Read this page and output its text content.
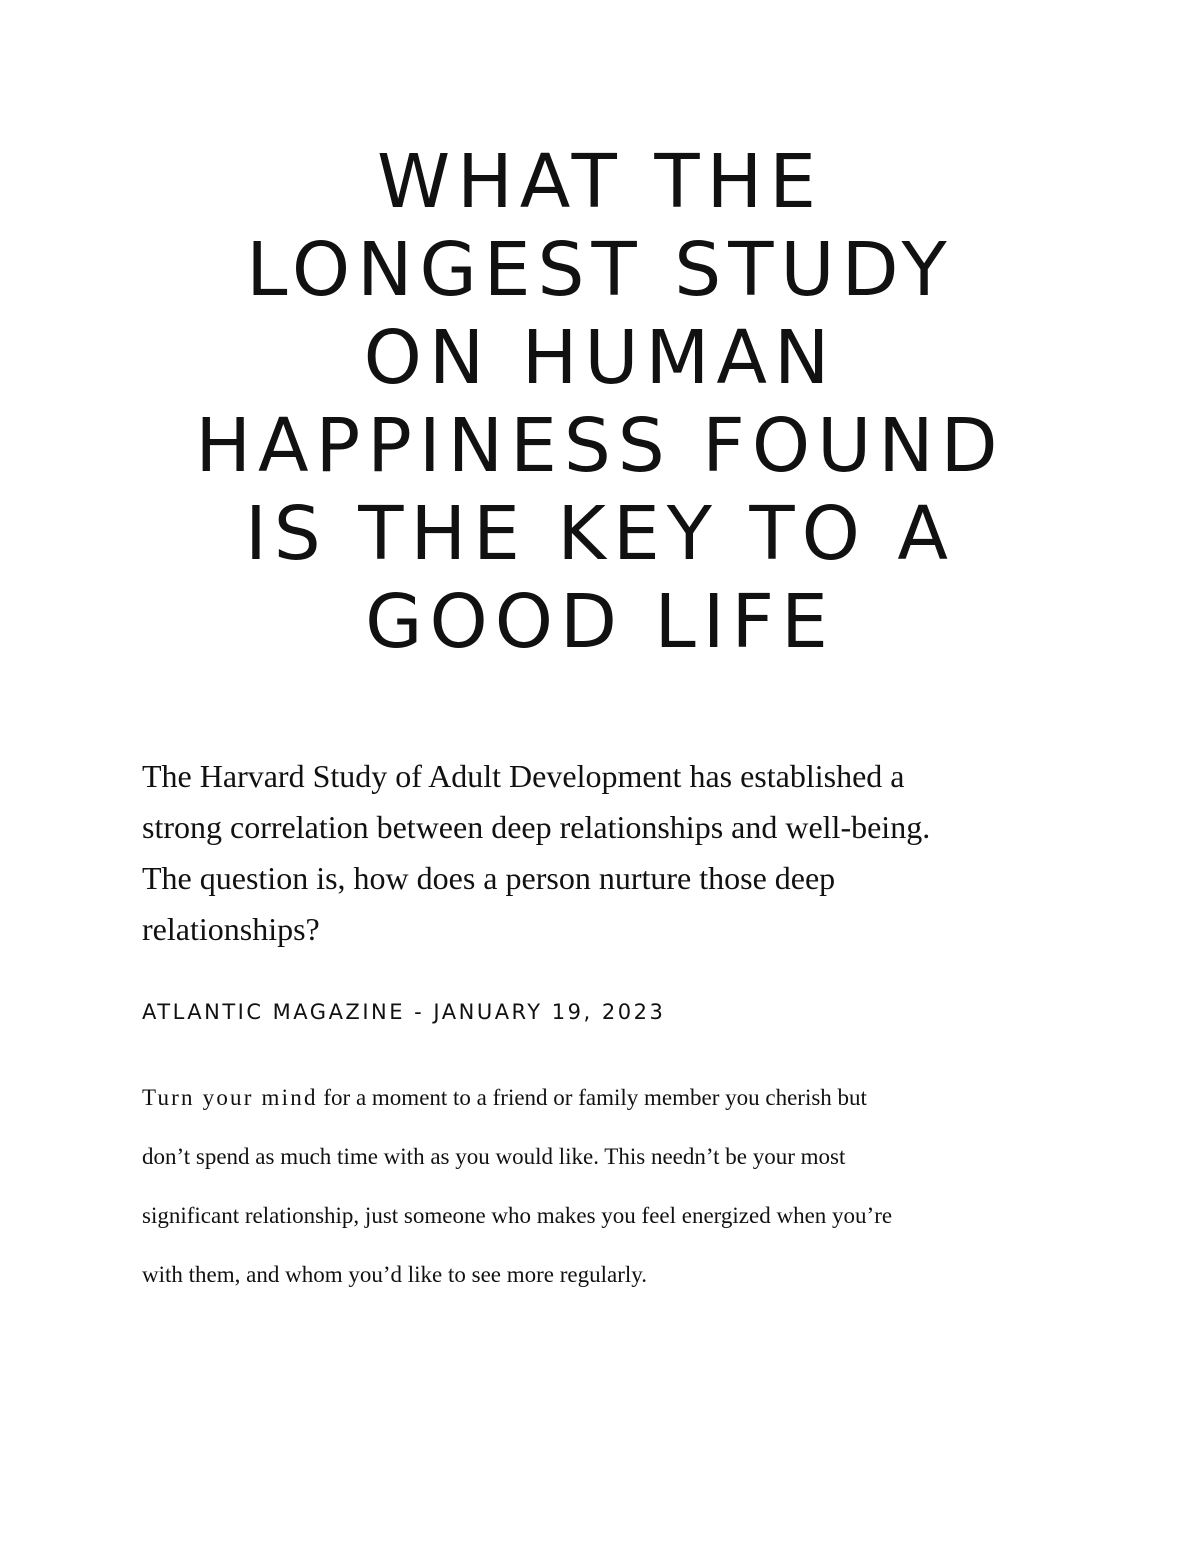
WHAT THE
LONGEST STUDY
ON HUMAN
HAPPINESS FOUND
IS THE KEY TO A
GOOD LIFE

The Harvard Study of Adult Development has established a
strong correlation between deep relationships and well-being.
The question is, how does a person nurture those deep
relationships?

ATLANTIC MAGAZINE - JANUARY 19, 2023

Turn your mind for a moment to a friend or family member you cherish but
don’t spend as much time with as you would like. This needn’t be your most
significant relationship, just someone who makes you feel energized when you’re
with them, and whom you’d like to see more regularly.
